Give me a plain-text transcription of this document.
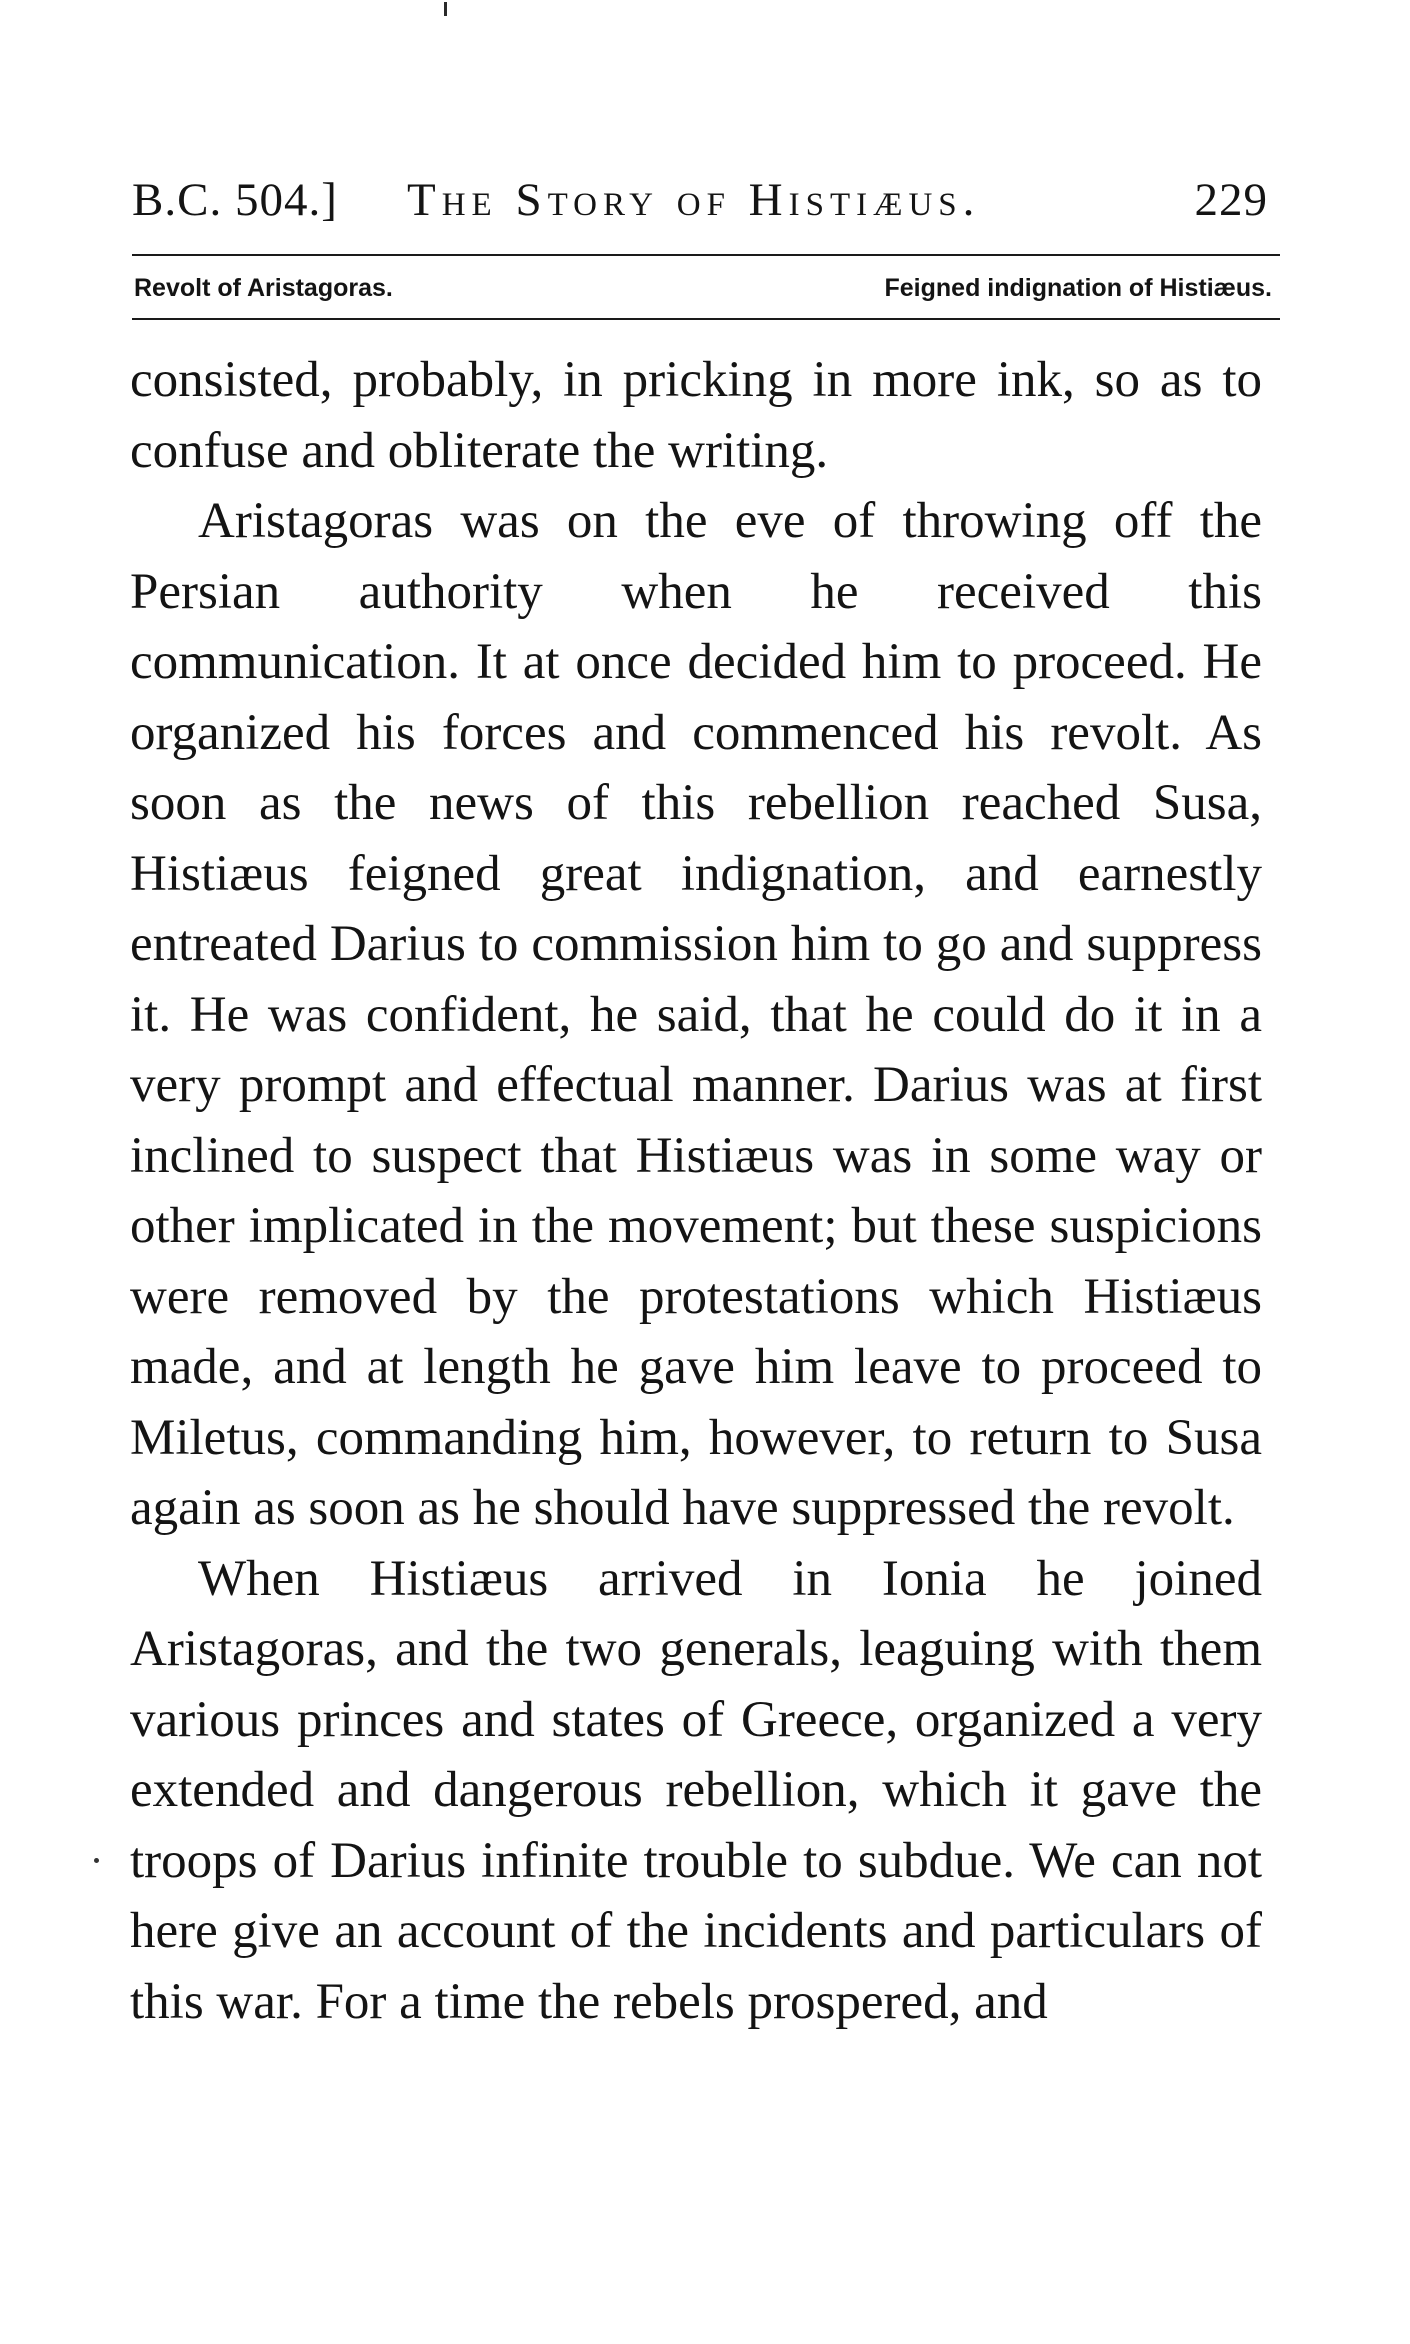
B.C. 504.] The Story of Histiæus.	229
Revolt of Aristagoras.	Feigned indignation of Histiæus.

consisted, probably, in pricking in more ink, so as to confuse and obliterate the writing.

Aristagoras was on the eve of throwing off the Persian authority when he received this communication. It at once decided him to proceed. He organized his forces and commenced his revolt. As soon as the news of this rebellion reached Susa, Histiæus feigned great indignation, and earnestly entreated Darius to commission him to go and suppress it. He was confident, he said, that he could do it in a very prompt and effectual manner. Darius was at first inclined to suspect that Histiæus was in some way or other implicated in the movement; but these suspicions were removed by the protestations which Histiæus made, and at length he gave him leave to proceed to Miletus, commanding him, however, to return to Susa again as soon as he should have suppressed the revolt.

When Histiæus arrived in Ionia he joined Aristagoras, and the two generals, leaguing with them various princes and states of Greece, organized a very extended and dangerous rebellion, which it gave the troops of Darius infinite trouble to subdue. We can not here give an account of the incidents and particulars of this war. For a time the rebels prospered, and
